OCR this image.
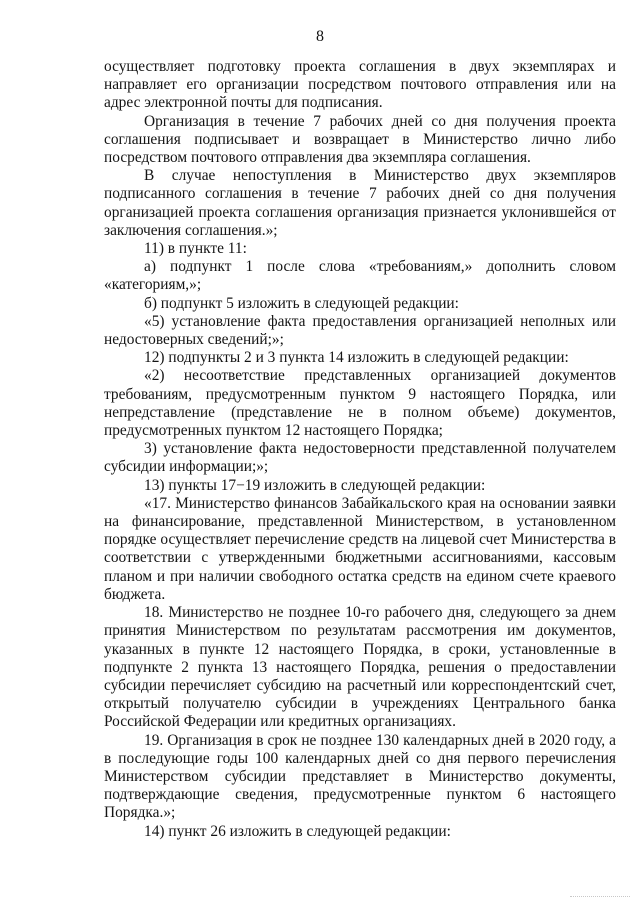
8

осуществляет подготовку проекта соглашения в двух экземплярах и направляет его организации посредством почтового отправления или на адрес электронной почты для подписания.

Организация в течение 7 рабочих дней со дня получения проекта соглашения подписывает и возвращает в Министерство лично либо посредством почтового отправления два экземпляра соглашения.

В случае непоступления в Министерство двух экземпляров подписанного соглашения в течение 7 рабочих дней со дня получения организацией проекта соглашения организация признается уклонившейся от заключения соглашения.»;

11) в пункте 11:

а) подпункт 1 после слова «требованиям,» дополнить словом «категориям,»;

б) подпункт 5 изложить в следующей редакции:

«5) установление факта предоставления организацией неполных или недостоверных сведений;»;

12) подпункты 2 и 3 пункта 14 изложить в следующей редакции:

«2) несоответствие представленных организацией документов требованиям, предусмотренным пунктом 9 настоящего Порядка, или непредставление (представление не в полном объеме) документов, предусмотренных пунктом 12 настоящего Порядка;

3) установление факта недостоверности представленной получателем субсидии информации;»;

13) пункты 17−19 изложить в следующей редакции:

«17. Министерство финансов Забайкальского края на основании заявки на финансирование, представленной Министерством, в установленном порядке осуществляет перечисление средств на лицевой счет Министерства в соответствии с утвержденными бюджетными ассигнованиями, кассовым планом и при наличии свободного остатка средств на едином счете краевого бюджета.

18. Министерство не позднее 10-го рабочего дня, следующего за днем принятия Министерством по результатам рассмотрения им документов, указанных в пункте 12 настоящего Порядка, в сроки, установленные в подпункте 2 пункта 13 настоящего Порядка, решения о предоставлении субсидии перечисляет субсидию на расчетный или корреспондентский счет, открытый получателю субсидии в учреждениях Центрального банка Российской Федерации или кредитных организациях.

19. Организация в срок не позднее 130 календарных дней в 2020 году, а в последующие годы 100 календарных дней со дня первого перечисления Министерством субсидии представляет в Министерство документы, подтверждающие сведения, предусмотренные пунктом 6 настоящего Порядка.»;

14) пункт 26 изложить в следующей редакции:
